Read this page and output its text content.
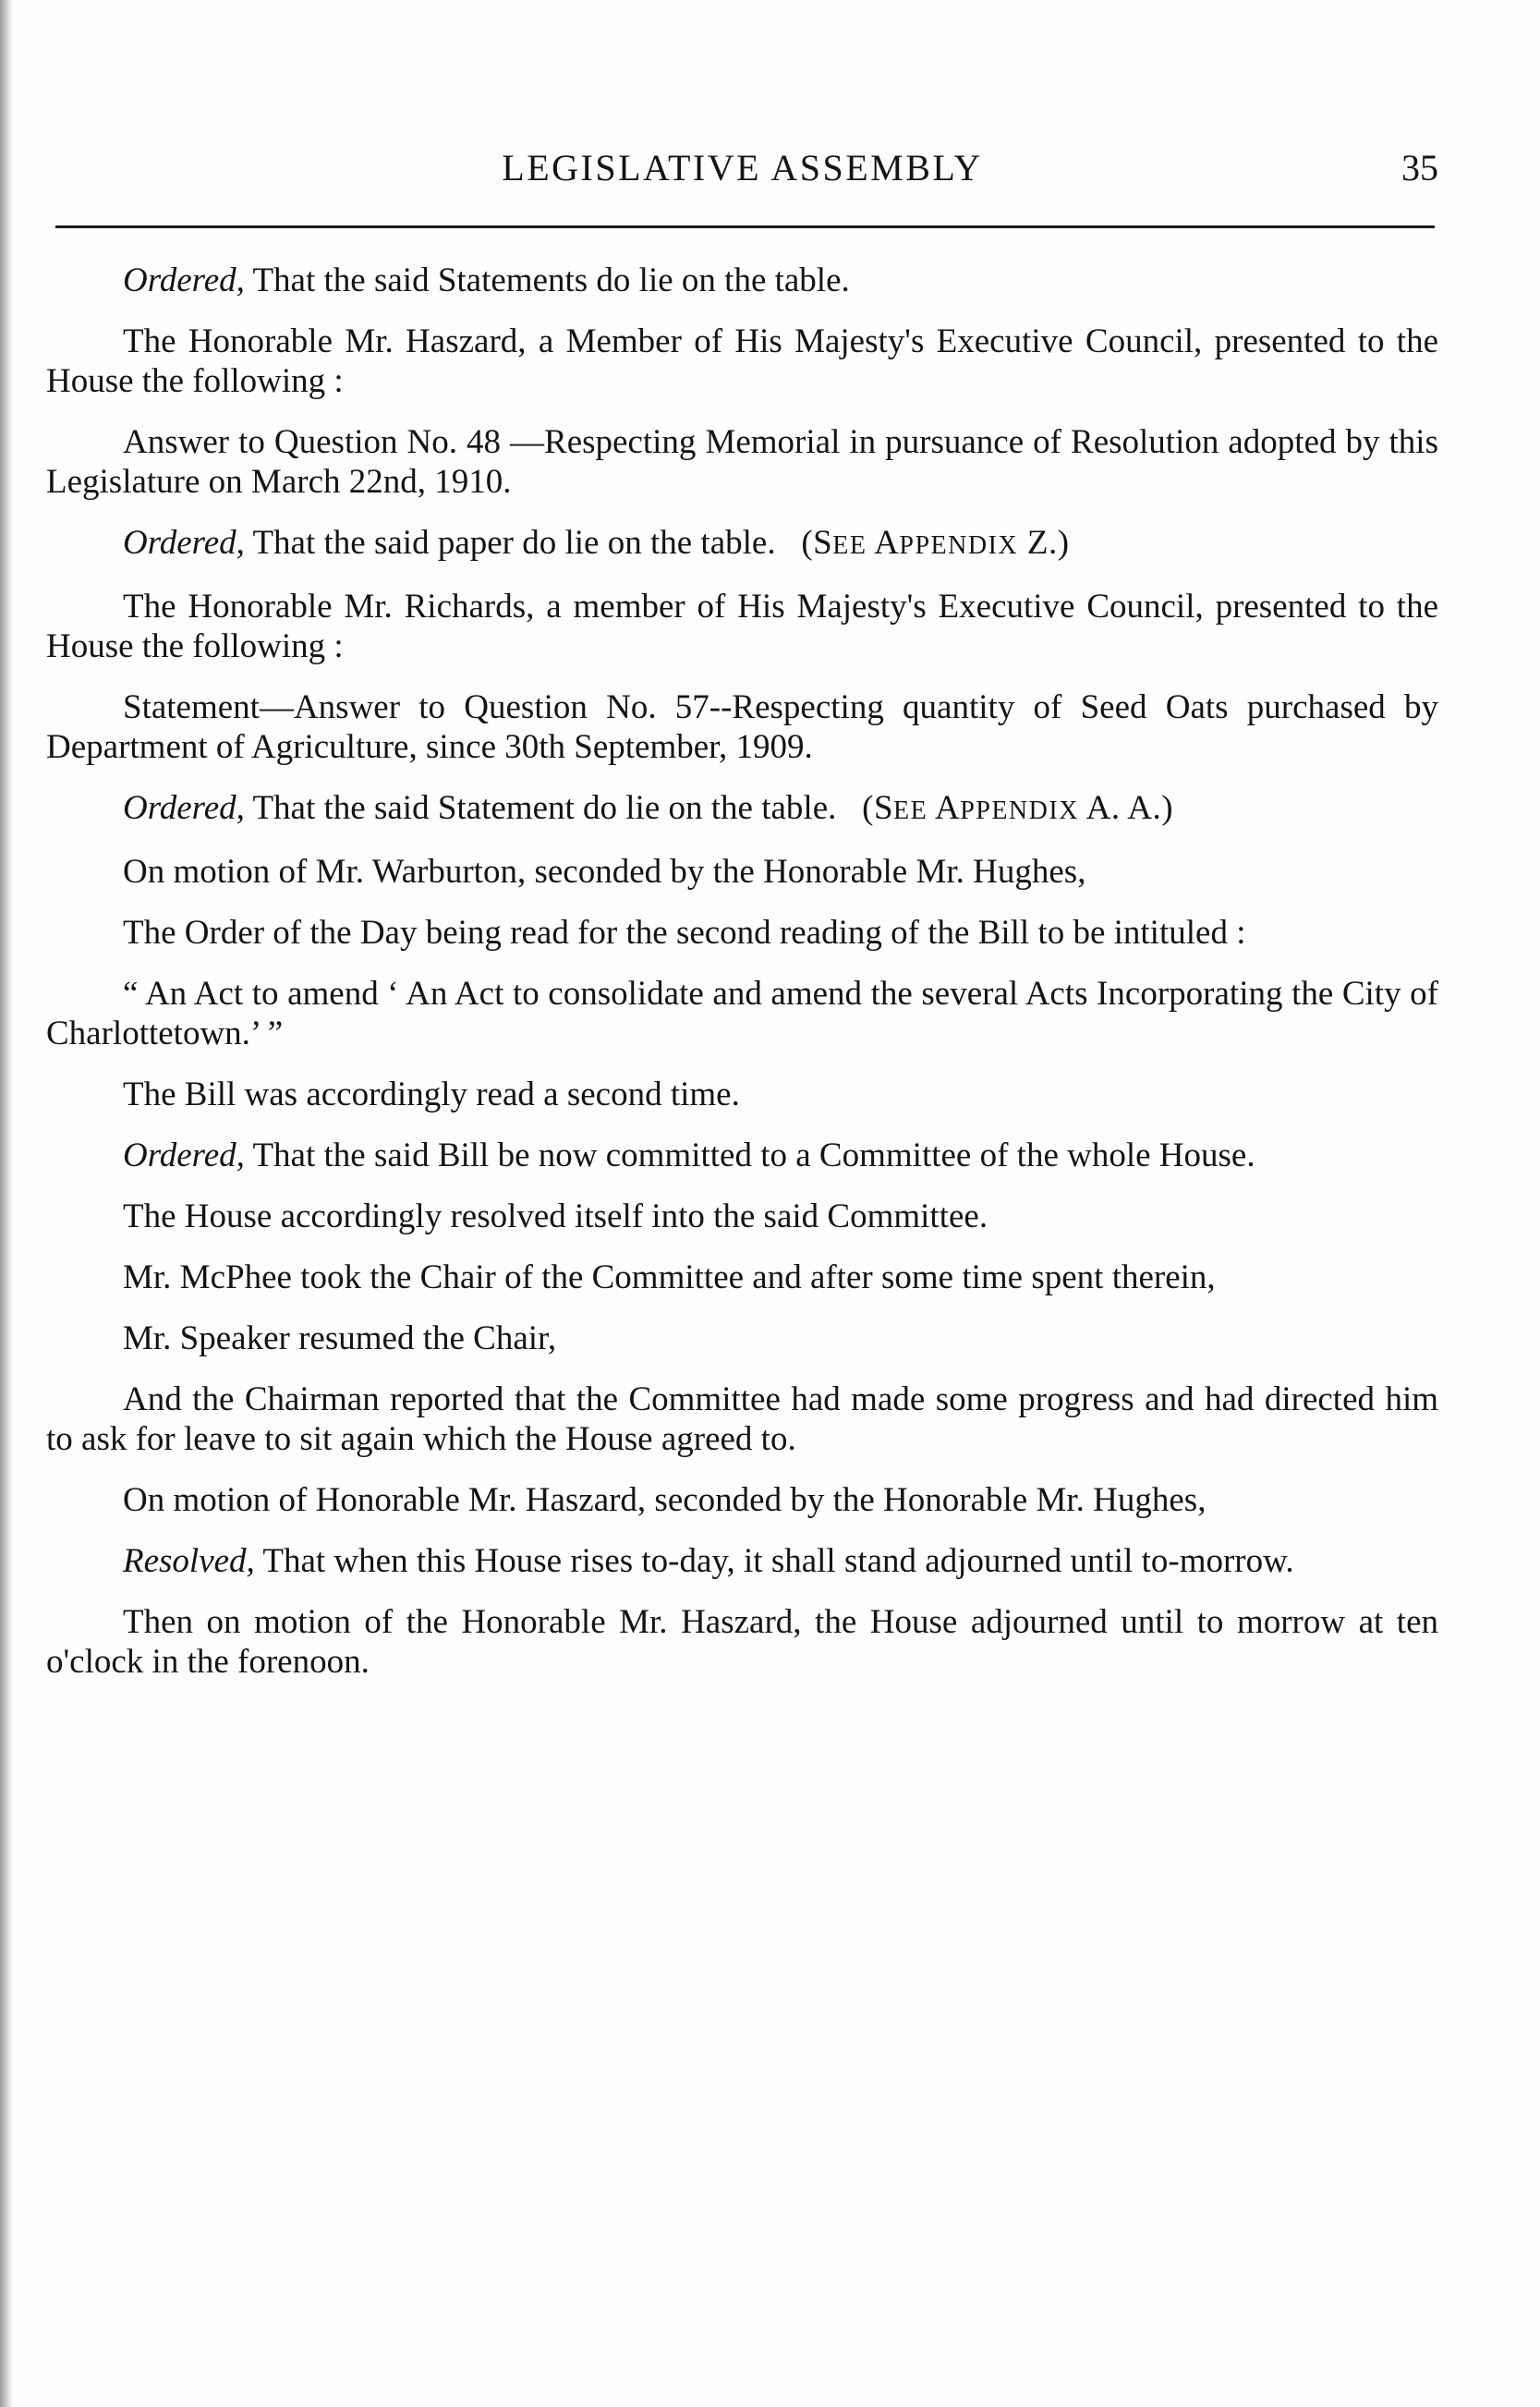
LEGISLATIVE ASSEMBLY	35

Ordered, That the said Statements do lie on the table.

The Honorable Mr. Haszard, a Member of His Majesty's Executive Council, presented to the House the following :

Answer to Question No. 48 —Respecting Memorial in pursuance of Resolution adopted by this Legislature on March 22nd, 1910.

Ordered, That the said paper do lie on the table. (SEE APPENDIX Z.)

The Honorable Mr. Richards, a member of His Majesty's Executive Council, presented to the House the following :

Statement—Answer to Question No. 57--Respecting quantity of Seed Oats purchased by Department of Agriculture, since 30th September, 1909.

Ordered, That the said Statement do lie on the table. (SEE APPENDIX A. A.)

On motion of Mr. Warburton, seconded by the Honorable Mr. Hughes,

The Order of the Day being read for the second reading of the Bill to be intituled :

“ An Act to amend ‘ An Act to consolidate and amend the several Acts Incorporating the City of Charlottetown.’ ”

The Bill was accordingly read a second time.

Ordered, That the said Bill be now committed to a Committee of the whole House.

The House accordingly resolved itself into the said Committee.

Mr. McPhee took the Chair of the Committee and after some time spent therein,

Mr. Speaker resumed the Chair,

And the Chairman reported that the Committee had made some progress and had directed him to ask for leave to sit again which the House agreed to.

On motion of Honorable Mr. Haszard, seconded by the Honorable Mr. Hughes,

Resolved, That when this House rises to-day, it shall stand adjourned until to-morrow.

Then on motion of the Honorable Mr. Haszard, the House adjourned until to morrow at ten o'clock in the forenoon.
